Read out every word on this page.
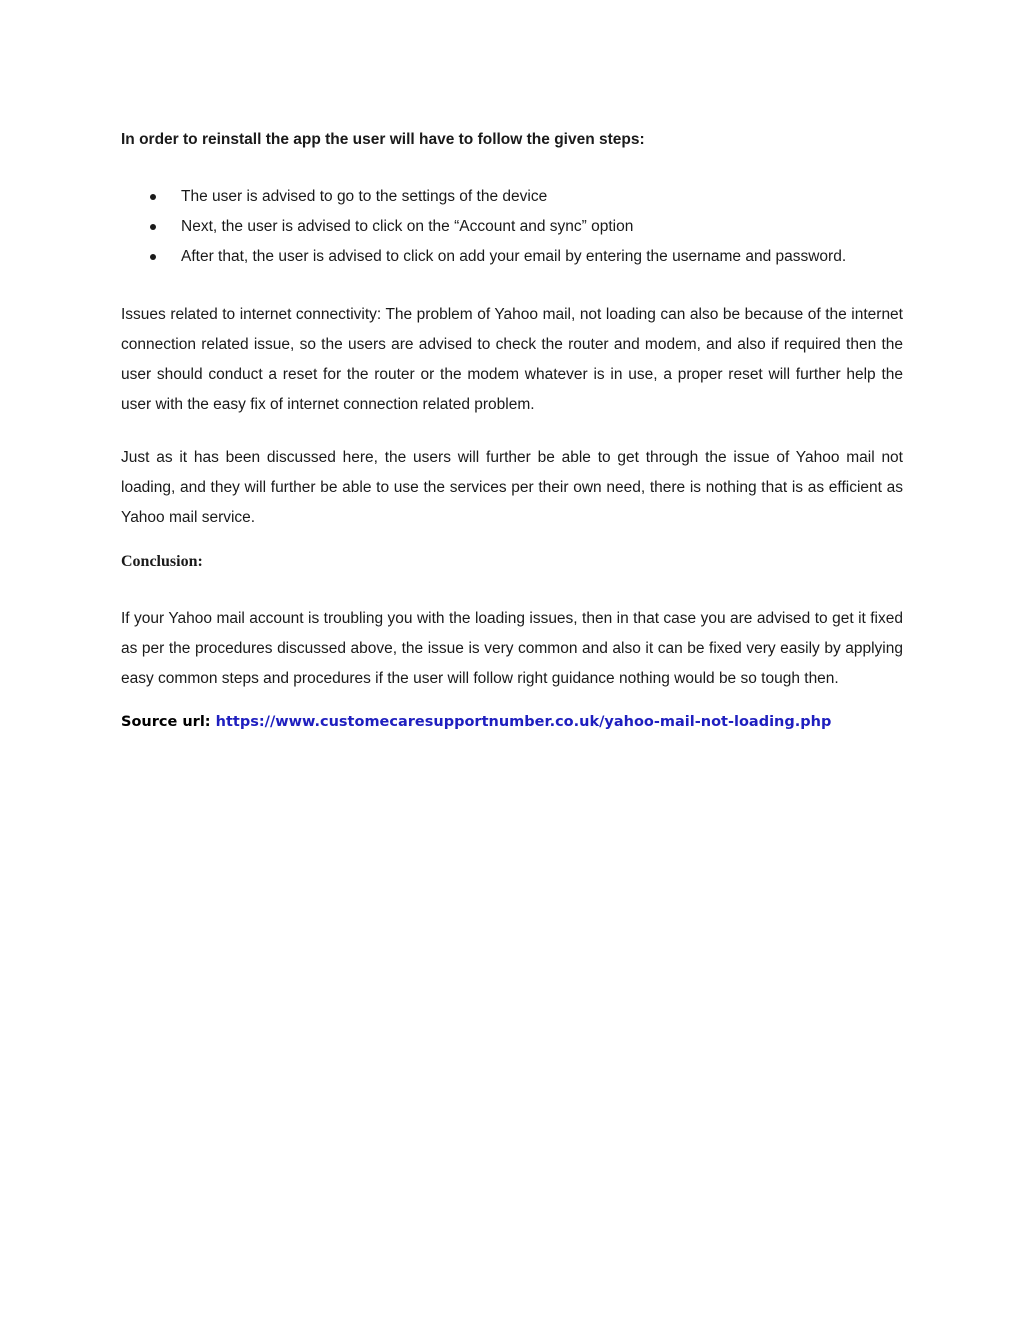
In order to reinstall the app the user will have to follow the given steps:

The user is advised to go to the settings of the device
Next, the user is advised to click on the “Account and sync” option
After that, the user is advised to click on add your email by entering the username and password.

Issues related to internet connectivity: The problem of Yahoo mail, not loading can also be because of the internet connection related issue, so the users are advised to check the router and modem, and also if required then the user should conduct a reset for the router or the modem whatever is in use, a proper reset will further help the user with the easy fix of internet connection related problem.

Just as it has been discussed here, the users will further be able to get through the issue of Yahoo mail not loading, and they will further be able to use the services per their own need, there is nothing that is as efficient as Yahoo mail service.

Conclusion:

If your Yahoo mail account is troubling you with the loading issues, then in that case you are advised to get it fixed as per the procedures discussed above, the issue is very common and also it can be fixed very easily by applying easy common steps and procedures if the user will follow right guidance nothing would be so tough then.

Source url: https://www.customecaresupportnumber.co.uk/yahoo-mail-not-loading.php
